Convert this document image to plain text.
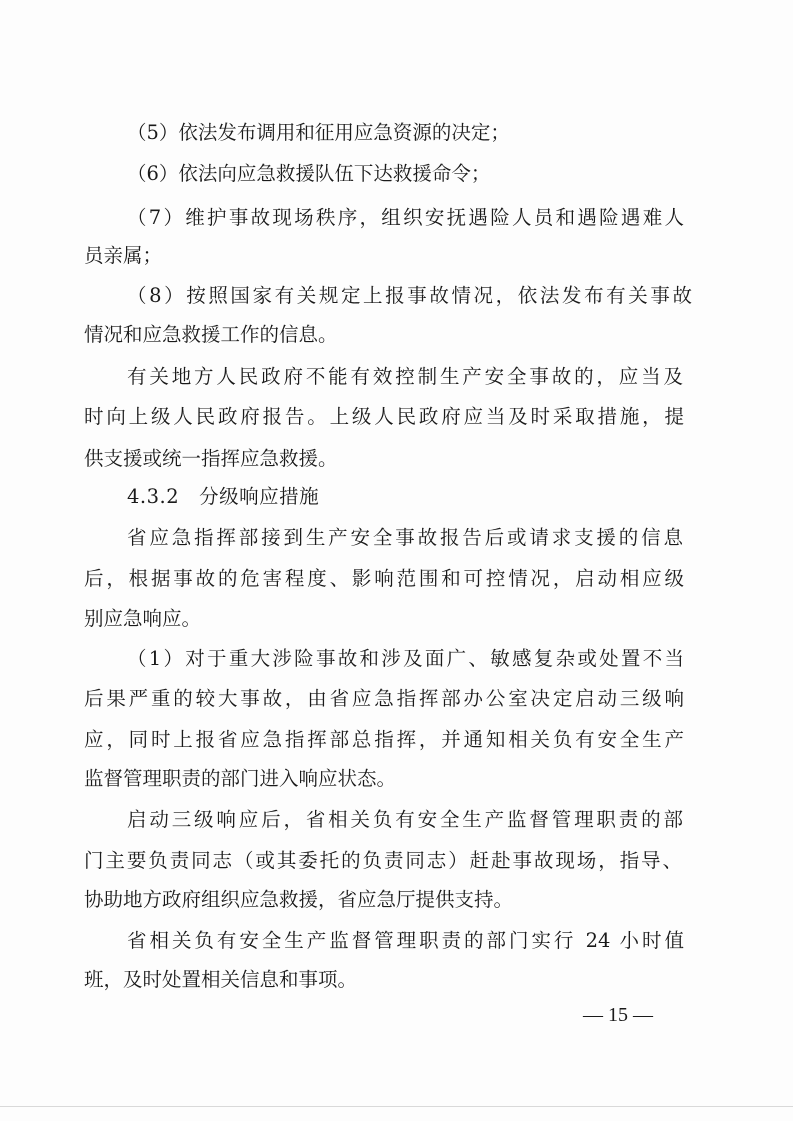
（5）依法发布调用和征用应急资源的决定；
（6）依法向应急救援队伍下达救援命令；
（7）维护事故现场秩序，组织安抚遇险人员和遇险遇难人
员亲属；
（8）按照国家有关规定上报事故情况，依法发布有关事故
情况和应急救援工作的信息。
有关地方人民政府不能有效控制生产安全事故的，应当及
时向上级人民政府报告。上级人民政府应当及时采取措施，提
供支援或统一指挥应急救援。
4.3.2　分级响应措施
省应急指挥部接到生产安全事故报告后或请求支援的信息
后，根据事故的危害程度、影响范围和可控情况，启动相应级
别应急响应。
（1）对于重大涉险事故和涉及面广、敏感复杂或处置不当
后果严重的较大事故，由省应急指挥部办公室决定启动三级响
应，同时上报省应急指挥部总指挥，并通知相关负有安全生产
监督管理职责的部门进入响应状态。
启动三级响应后，省相关负有安全生产监督管理职责的部
门主要负责同志（或其委托的负责同志）赶赴事故现场，指导、
协助地方政府组织应急救援，省应急厅提供支持。
省相关负有安全生产监督管理职责的部门实行 24 小时值
班，及时处置相关信息和事项。
— 15 —
